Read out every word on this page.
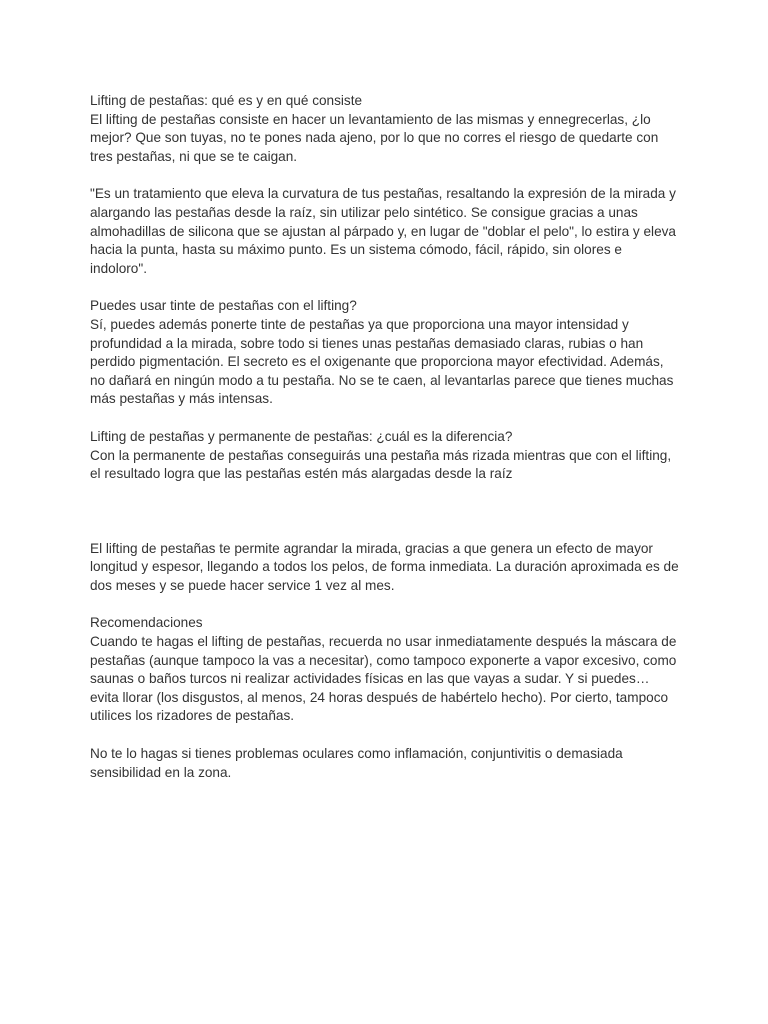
Lifting de pestañas: qué es y en qué consiste

El lifting de pestañas consiste en hacer un levantamiento de las mismas y ennegrecerlas, ¿lo mejor? Que son tuyas, no te pones nada ajeno, por lo que no corres el riesgo de quedarte con tres pestañas, ni que se te caigan.

"Es un tratamiento que eleva la curvatura de tus pestañas, resaltando la expresión de la mirada y alargando las pestañas desde la raíz, sin utilizar pelo sintético. Se consigue gracias a unas almohadillas de silicona que se ajustan al párpado y, en lugar de "doblar el pelo", lo estira y eleva hacia la punta, hasta su máximo punto. Es un sistema cómodo, fácil, rápido, sin olores e indoloro".

Puedes usar tinte de pestañas con el lifting?

Sí, puedes además ponerte tinte de pestañas ya que proporciona una mayor intensidad y profundidad a la mirada, sobre todo si tienes unas pestañas demasiado claras, rubias o han perdido pigmentación. El secreto es el oxigenante que proporciona mayor efectividad. Además, no dañará en ningún modo a tu pestaña. No se te caen, al levantarlas parece que tienes muchas más pestañas y más intensas.

Lifting de pestañas y permanente de pestañas: ¿cuál es la diferencia?

Con la permanente de pestañas conseguirás una pestaña más rizada mientras que con el lifting, el resultado logra que las pestañas estén más alargadas desde la raíz

El lifting de pestañas te permite agrandar la mirada, gracias a que genera un efecto de mayor longitud y espesor, llegando a todos los pelos, de forma inmediata. La duración aproximada es de dos meses y se puede hacer service 1 vez al mes.

Recomendaciones

Cuando te hagas el lifting de pestañas, recuerda no usar inmediatamente después la máscara de pestañas (aunque tampoco la vas a necesitar), como tampoco exponerte a vapor excesivo, como saunas o baños turcos ni realizar actividades físicas en las que vayas a sudar. Y si puedes… evita llorar (los disgustos, al menos, 24 horas después de habértelo hecho). Por cierto, tampoco utilices los rizadores de pestañas.

No te lo hagas si tienes problemas oculares como inflamación, conjuntivitis o demasiada sensibilidad en la zona.
